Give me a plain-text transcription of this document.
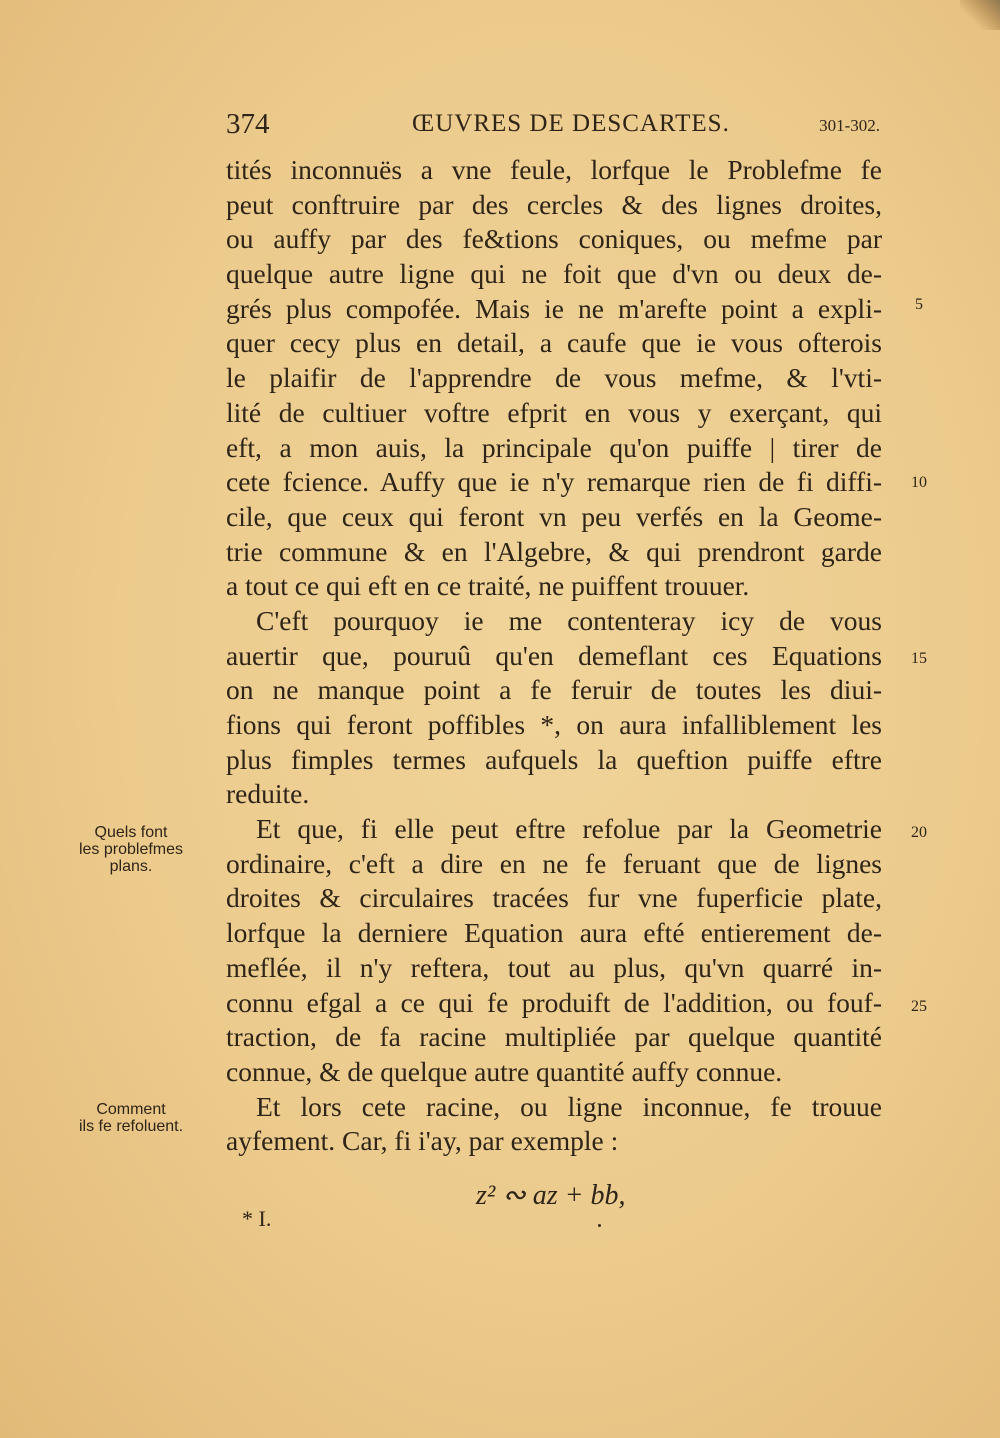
374	ŒUVRES DE DESCARTES.	301-302.
tités inconnuës a vne feule, lorfque le Problefme fe
peut conftruire par des cercles & des lignes droites,
ou auffy par des fe&tions coniques, ou mefme par
quelque autre ligne qui ne foit que d'vn ou deux de-
grés plus compofée. Mais ie ne m'arefte point a expli-
quer cecy plus en detail, a caufe que ie vous ofterois
le plaifir de l'apprendre de vous mefme, & l'vti-
lité de cultiuer voftre efprit en vous y exerçant, qui
eft, a mon auis, la principale qu'on puiffe | tirer de
cete fcience. Auffy que ie n'y remarque rien de fi diffi-
cile, que ceux qui feront vn peu verfés en la Geome-
trie commune & en l'Algebre, & qui prendront garde
a tout ce qui eft en ce traité, ne puiffent trouuer.
C'eft pourquoy ie me contenteray icy de vous
auertir que, pouruû qu'en demeflant ces Equations
on ne manque point a fe feruir de toutes les diui-
fions qui feront poffibles *, on aura infalliblement les
plus fimples termes aufquels la queftion puiffe eftre
reduite.
Et que, fi elle peut eftre refolue par la Geometrie
ordinaire, c'eft a dire en ne fe feruant que de lignes
droites & circulaires tracées fur vne fuperficie plate,
lorfque la derniere Equation aura efté entierement de-
meflée, il n'y reftera, tout au plus, qu'vn quarré in-
connu efgal a ce qui fe produift de l'addition, ou fouf-
traction, de fa racine multipliée par quelque quantité
connue, & de quelque autre quantité auffy connue.
Et lors cete racine, ou ligne inconnue, fe trouue
ayfement. Car, fi i'ay, par exemple :
5
10
15
20
25
Quels font
les problefmes
plans.
Comment
ils fe refoluent.
z² ∾ az + bb,
* I.
